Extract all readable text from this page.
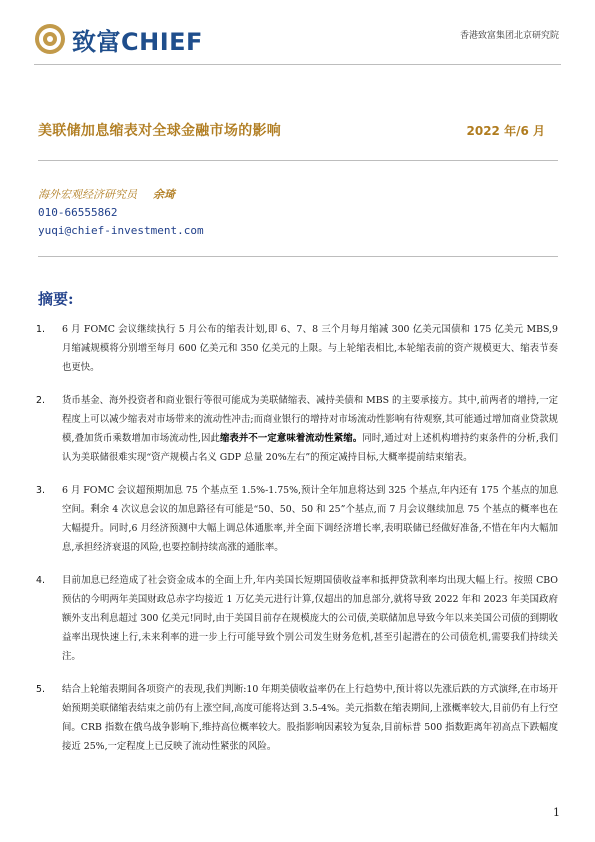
致富CHIEF	香港致富集团北京研究院
美联储加息缩表对全球金融市场的影响	2022 年/6 月
海外宏观经济研究员 余琦
010-66555862
yuqi@chief-investment.com
摘要:
1.	6 月 FOMC 会议继续执行 5 月公布的缩表计划,即 6、7、8 三个月每月缩减 300 亿美元国债和 175 亿美元 MBS,9 月缩减规模将分别增至每月 600 亿美元和 350 亿美元的上限。与上轮缩表相比,本轮缩表前的资产规模更大、缩表节奏也更快。
2.	货币基金、海外投资者和商业银行等很可能成为美联储缩表、减持美债和 MBS 的主要承接方。其中,前两者的增持,一定程度上可以减少缩表对市场带来的流动性冲击;而商业银行的增持对市场流动性影响有待观察,其可能通过增加商业贷款规模,叠加货币乘数增加市场流动性,因此缩表并不一定意味着流动性紧缩。同时,通过对上述机构增持约束条件的分析,我们认为美联储很难实现“资产规模占名义 GDP 总量 20%左右”的预定减持目标,大概率提前结束缩表。
3.	6 月 FOMC 会议超预期加息 75 个基点至 1.5%-1.75%,预计全年加息将达到 325 个基点,年内还有 175 个基点的加息空间。剩余 4 次议息会议的加息路径有可能是“50、50、50 和 25”个基点,而 7 月会议继续加息 75 个基点的概率也在大幅提升。同时,6 月经济预测中大幅上调总体通胀率,并全面下调经济增长率,表明联储已经做好准备,不惜在年内大幅加息,承担经济衰退的风险,也要控制持续高涨的通胀率。
4.	目前加息已经造成了社会资金成本的全面上升,年内美国长短期国债收益率和抵押贷款利率均出现大幅上行。按照 CBO 预估的今明两年美国财政总赤字均接近 1 万亿美元进行计算,仅超出的加息部分,就将导致 2022 年和 2023 年美国政府额外支出利息超过 300 亿美元!同时,由于美国目前存在规模庞大的公司债,美联储加息导致今年以来美国公司债的到期收益率出现快速上行,未来利率的进一步上行可能导致个别公司发生财务危机,甚至引起潜在的公司债危机,需要我们持续关注。
5.	结合上轮缩表期间各项资产的表现,我们判断:10 年期美债收益率仍在上行趋势中,预计将以先涨后跌的方式演绎,在市场开始预期美联储缩表结束之前仍有上涨空间,高度可能将达到 3.5-4%。美元指数在缩表期间,上涨概率较大,目前仍有上行空间。CRB 指数在俄乌战争影响下,维持高位概率较大。股指影响因素较为复杂,目前标普 500 指数距离年初高点下跌幅度接近 25%,一定程度上已反映了流动性紧张的风险。
1
